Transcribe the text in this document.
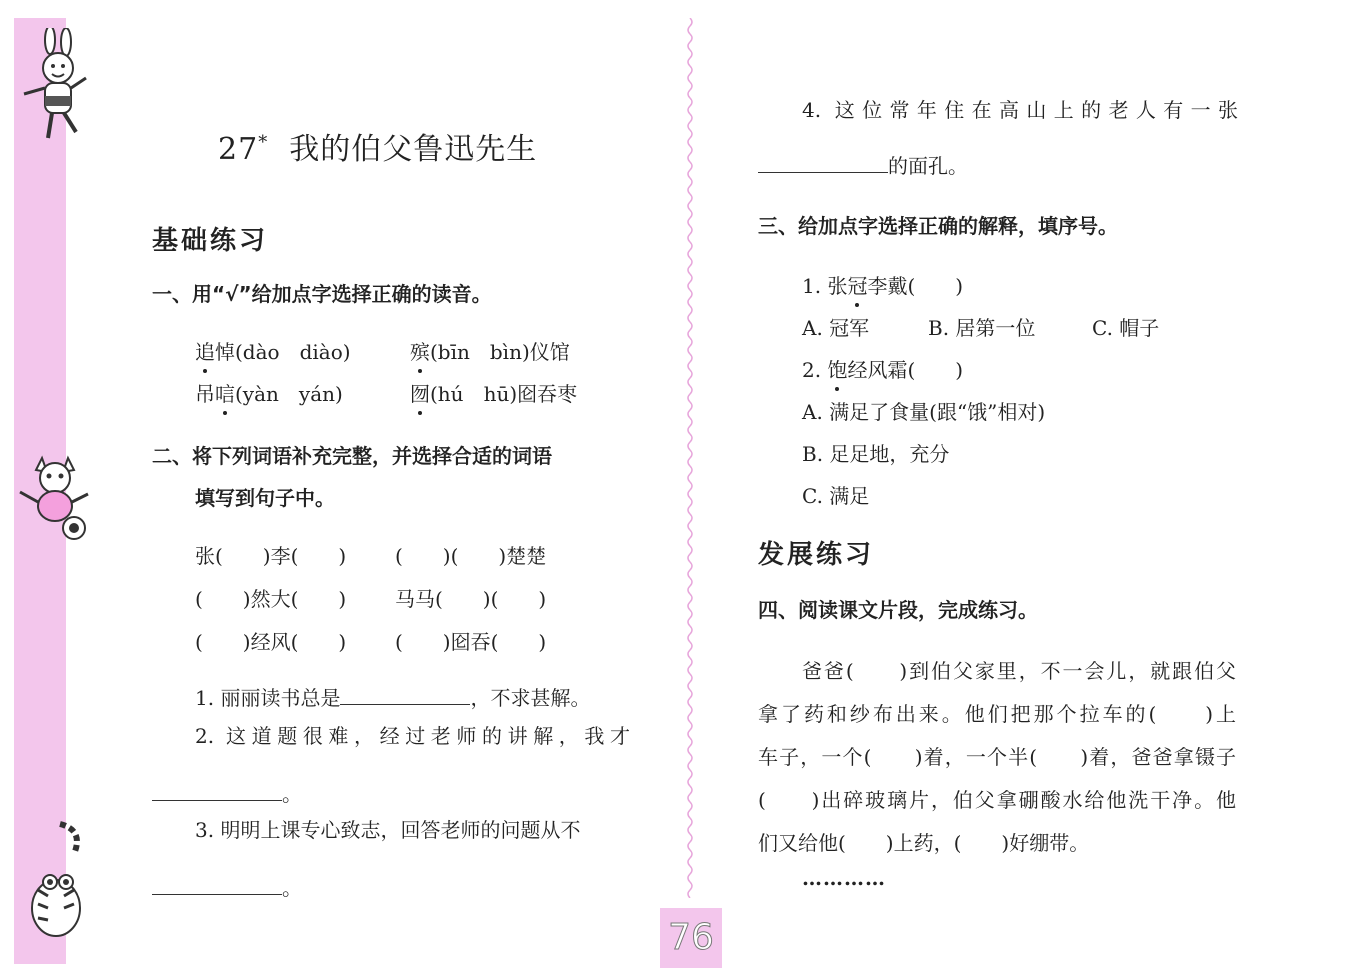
27* 我的伯父鲁迅先生
基础练习
一、用“√”给加点字选择正确的读音。
追悼(dào　diào)	殡(bīn　bìn)仪馆
吊唁(yàn　yán)	囫(hú　hū)囵吞枣
二、将下列词语补充完整，并选择合适的词语
填写到句子中。
张(　　)李(　　) (　　)(　　)楚楚
(　　)然大(　　) 马马(　　)(　　)
(　　)经风(　　) (　　)囵吞(　　)
1. 丽丽读书总是	，不求甚解。
2. 这道题很难，经过老师的讲解，我才
。
3. 明明上课专心致志，回答老师的问题从不
。
4. 这位常年住在高山上的老人有一张
的面孔。
三、给加点字选择正确的解释，填序号。
1. 张冠李戴(　　)
A. 冠军	B. 居第一位	C. 帽子
2. 饱经风霜(　　)
A. 满足了食量(跟“饿”相对)
B. 足足地，充分
C. 满足
发展练习
四、阅读课文片段，完成练习。
爸爸(　　)到伯父家里，不一会儿，就跟伯父
拿了药和纱布出来。他们把那个拉车的(　　)上
车子，一个(　　)着，一个半(　　)着，爸爸拿镊子
(　　)出碎玻璃片，伯父拿硼酸水给他洗干净。他
们又给他(　　)上药，(　　)好绷带。
…………
76
